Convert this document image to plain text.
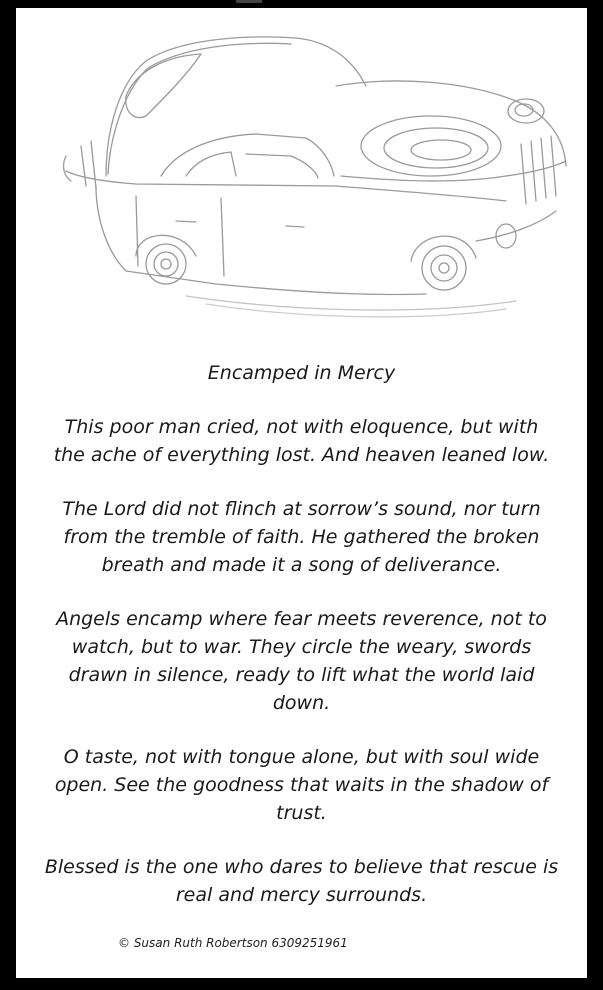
Encamped in Mercy
This poor man cried, not with eloquence, but with the ache of everything lost. And heaven leaned low.
The Lord did not flinch at sorrow’s sound, nor turn from the tremble of faith. He gathered the broken breath and made it a song of deliverance.
Angels encamp where fear meets reverence, not to watch, but to war. They circle the weary, swords drawn in silence, ready to lift what the world laid down.
O taste, not with tongue alone, but with soul wide open. See the goodness that waits in the shadow of trust.
Blessed is the one who dares to believe that rescue is real and mercy surrounds.
© Susan Ruth Robertson 6309251961
